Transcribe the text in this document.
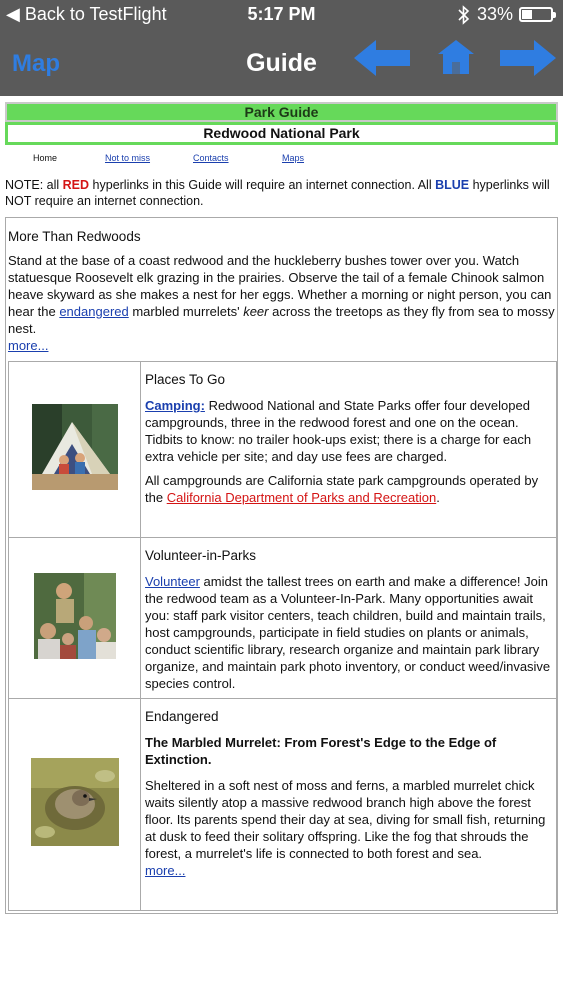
◀ Back to TestFlight	5:17 PM	33%
Map	Guide
Park Guide
Redwood National Park
Home	Not to miss	Contacts	Maps
NOTE: all RED hyperlinks in this Guide will require an internet connection. All BLUE hyperlinks will NOT require an internet connection.
More Than Redwoods
Stand at the base of a coast redwood and the huckleberry bushes tower over you. Watch statuesque Roosevelt elk grazing in the prairies. Observe the tail of a female Chinook salmon heave skyward as she makes a nest for her eggs. Whether a morning or night person, you can hear the endangered marbled murrelets' keer across the treetops as they fly from sea to mossy nest.
more...

Places To Go
Camping: Redwood National and State Parks offer four developed campgrounds, three in the redwood forest and one on the ocean. Tidbits to know: no trailer hook-ups exist; there is a charge for each extra vehicle per site; and day use fees are charged.
All campgrounds are California state park campgrounds operated by the California Department of Parks and Recreation.

Volunteer-in-Parks
Volunteer amidst the tallest trees on earth and make a difference! Join the redwood team as a Volunteer-In-Park. Many opportunities await you: staff park visitor centers, teach children, build and maintain trails, host campgrounds, participate in field studies on plants or animals, conduct scientific library, research organize and maintain park library organize, and maintain park photo inventory, or conduct weed/invasive species control.

Endangered
The Marbled Murrelet: From Forest's Edge to the Edge of Extinction.
Sheltered in a soft nest of moss and ferns, a marbled murrelet chick waits silently atop a massive redwood branch high above the forest floor. Its parents spend their day at sea, diving for small fish, returning at dusk to feed their solitary offspring. Like the fog that shrouds the forest, a murrelet's life is connected to both forest and sea.
more...
